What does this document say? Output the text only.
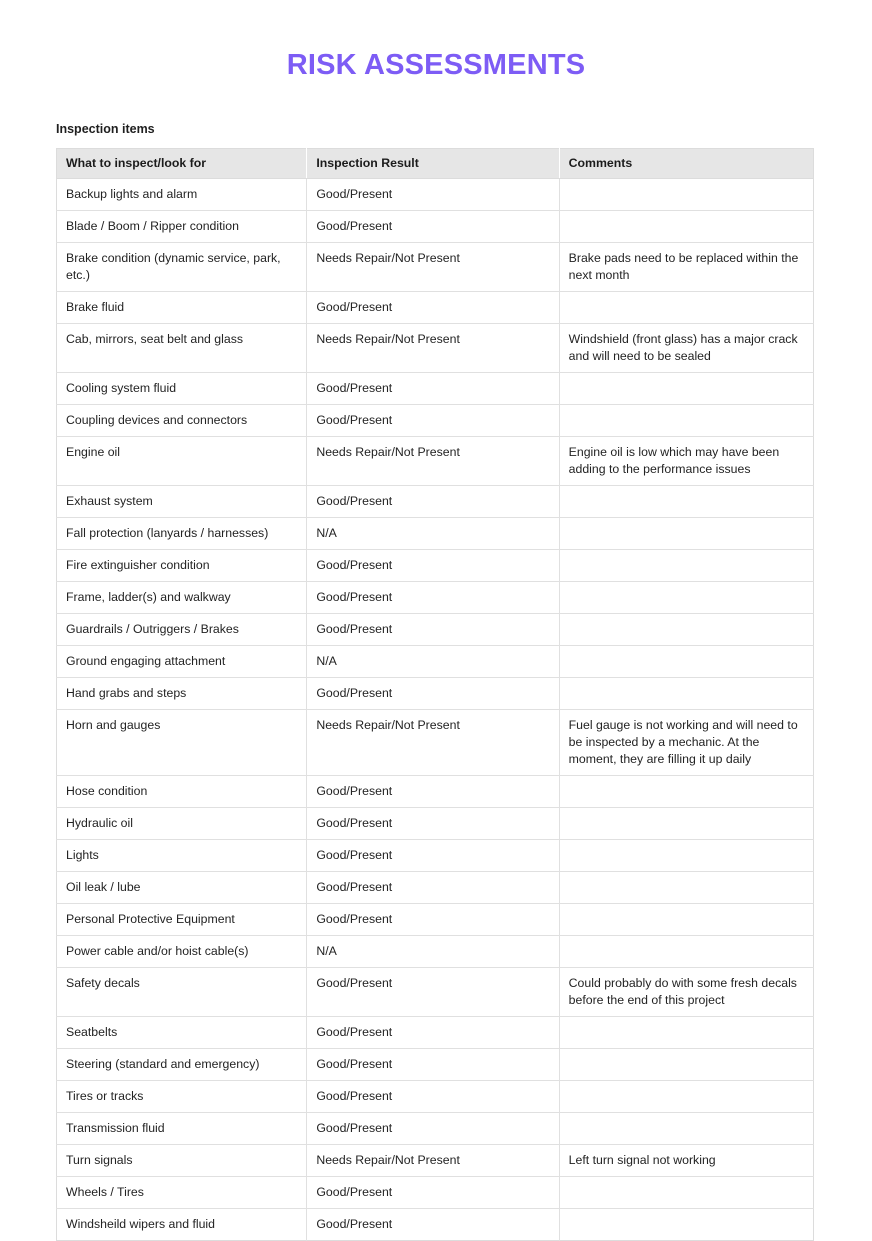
RISK ASSESSMENTS
Inspection items
What to inspect/look for	Inspection Result	Comments

Backup lights and alarm	Good/Present	

Blade / Boom / Ripper condition	Good/Present	

Brake condition (dynamic service, park, etc.)	Needs Repair/Not Present	Brake pads need to be replaced within the next month

Brake fluid	Good/Present	

Cab, mirrors, seat belt and glass	Needs Repair/Not Present	Windshield (front glass) has a major crack and will need to be sealed

Cooling system fluid	Good/Present	

Coupling devices and connectors	Good/Present	

Engine oil	Needs Repair/Not Present	Engine oil is low which may have been adding to the performance issues

Exhaust system	Good/Present	

Fall protection (lanyards / harnesses)	N/A	

Fire extinguisher condition	Good/Present	

Frame, ladder(s) and walkway	Good/Present	

Guardrails / Outriggers / Brakes	Good/Present	

Ground engaging attachment	N/A	

Hand grabs and steps	Good/Present	

Horn and gauges	Needs Repair/Not Present	Fuel gauge is not working and will need to be inspected by a mechanic. At the moment, they are filling it up daily

Hose condition	Good/Present	

Hydraulic oil	Good/Present	

Lights	Good/Present	

Oil leak / lube	Good/Present	

Personal Protective Equipment	Good/Present	

Power cable and/or hoist cable(s)	N/A	

Safety decals	Good/Present	Could probably do with some fresh decals before the end of this project

Seatbelts	Good/Present	

Steering (standard and emergency)	Good/Present	

Tires or tracks	Good/Present	

Transmission fluid	Good/Present	

Turn signals	Needs Repair/Not Present	Left turn signal not working

Wheels / Tires	Good/Present	

Windsheild wipers and fluid	Good/Present	
